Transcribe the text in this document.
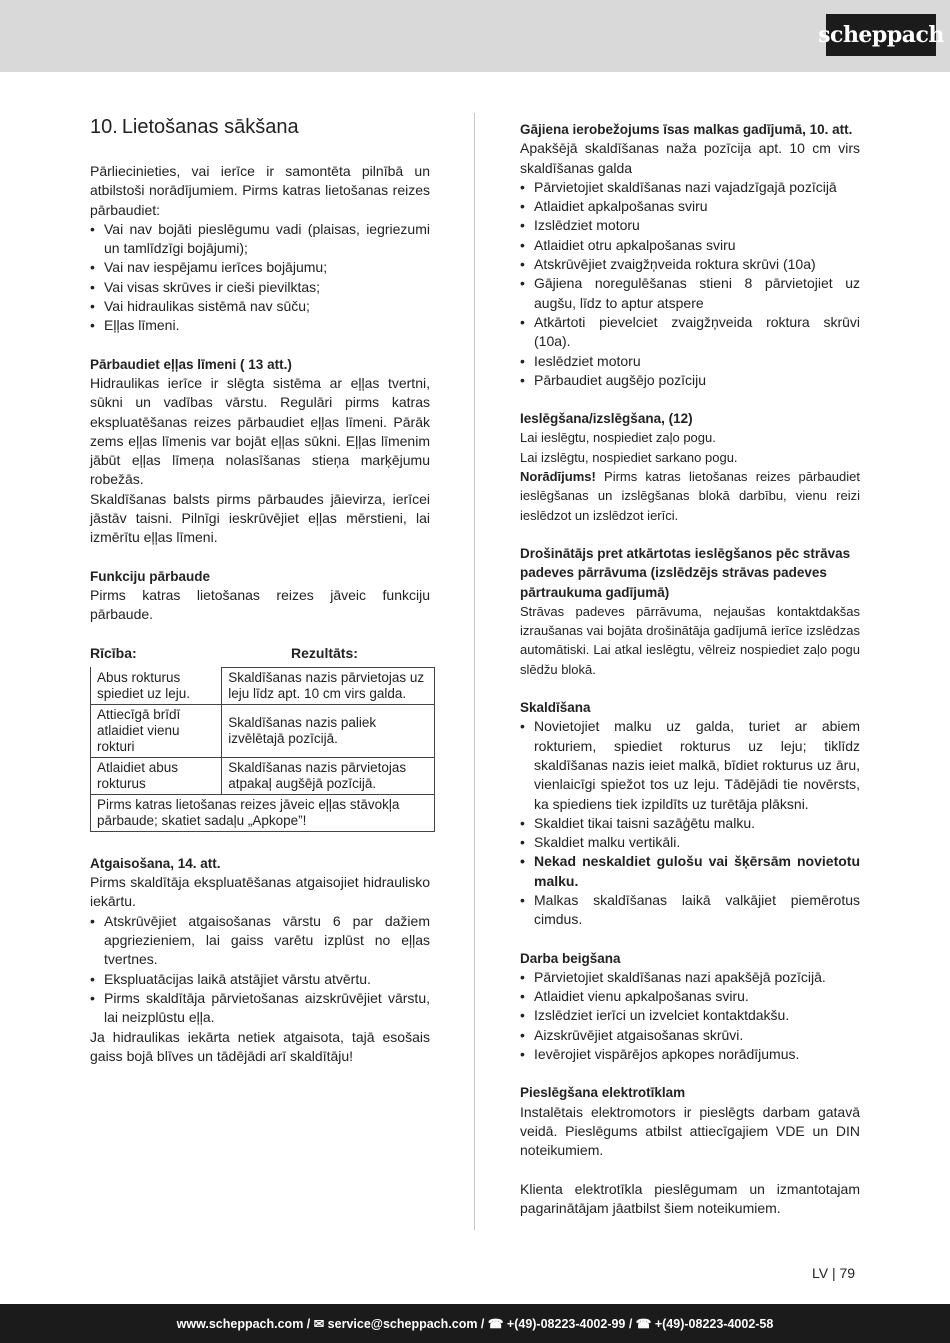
scheppach
10. Lietošanas sākšana

Pārliecinieties, vai ierīce ir samontēta pilnībā un atbilstoši norādījumiem. Pirms katras lietošanas reizes pārbaudiet:

• Vai nav bojāti pieslēgumu vadi (plaisas, iegriezumi un tamlīdzīgi bojājumi);
• Vai nav iespējamu ierīces bojājumu;
• Vai visas skrūves ir cieši pievilktas;
• Vai hidraulikas sistēmā nav sūču;
• Eļļas līmeni.
Pārbaudiet eļļas līmeni ( 13 att.)

Hidraulikas ierīce ir slēgta sistēma ar eļļas tvertni, sūkni un vadības vārstu. Regulāri pirms katras ekspluatēšanas reizes pārbaudiet eļļas līmeni. Pārāk zems eļļas līmenis var bojāt eļļas sūkni. Eļļas līmenim jābūt eļļas līmeņa nolasīšanas stieņa marķējumu robežās.

Skaldīšanas balsts pirms pārbaudes jāievirza, ierīcei jāstāv taisni. Pilnīgi ieskrūvējiet eļļas mērstieni, lai izmērītu eļļas līmeni.

Funkciju pārbaude

Pirms katras lietošanas reizes jāveic funkciju pārbaude.

Rīcība:	Rezultāts:
Abus rokturus spiediet uz leju.	Skaldīšanas nazis pārvietojas uz leju līdz apt. 10 cm virs galda.
Attiecīgā brīdī atlaidiet vienu rokturi	Skaldīšanas nazis paliek izvēlētajā pozīcijā.
Atlaidiet abus rokturus	Skaldīšanas nazis pārvietojas atpakaļ augšējā pozīcijā.
Pirms katras lietošanas reizes jāveic eļļas stāvokļa pārbaude; skatiet sadaļu „Apkope”!	
Atgaisošana, 14. att.

Pirms skaldītāja ekspluatēšanas atgaisojiet hidraulisko iekārtu.

• Atskrūvējiet atgaisošanas vārstu 6 par dažiem apgriezieniem, lai gaiss varētu izplūst no eļļas tvertnes.
• Ekspluatācijas laikā atstājiet vārstu atvērtu.
• Pirms skaldītāja pārvietošanas aizskrūvējiet vārstu, lai neizplūstu eļļa.

Ja hidraulikas iekārta netiek atgaisota, tajā esošais gaiss bojā blīves un tādējādi arī skaldītāju!

Gājiena ierobežojums īsas malkas gadījumā, 10. att.

Apakšējā skaldīšanas naža pozīcija apt. 10 cm virs skaldīšanas galda

• Pārvietojiet skaldīšanas nazi vajadzīgajā pozīcijā
• Atlaidiet apkalpošanas sviru
• Izslēdziet motoru
• Atlaidiet otru apkalpošanas sviru
• Atskrūvējiet zvaigžņveida roktura skrūvi (10a)
• Gājiena noregulēšanas stieni 8 pārvietojiet uz augšu, līdz to aptur atspere
• Atkārtoti pievelciet zvaigžņveida roktura skrūvi (10a).
• Ieslēdziet motoru
• Pārbaudiet augšējo pozīciju
Ieslēgšana/izslēgšana, (12)

Lai ieslēgtu, nospiediet zaļo pogu.

Lai izslēgtu, nospiediet sarkano pogu.

Norādījums! Pirms katras lietošanas reizes pārbaudiet ieslēgšanas un izslēgšanas blokā darbību, vienu reizi ieslēdzot un izslēdzot ierīci.

Drošinātājs pret atkārtotas ieslēgšanos pēc strāvas padeves pārrāvuma (izslēdzējs strāvas padeves pārtraukuma gadījumā)

Strāvas padeves pārrāvuma, nejaušas kontaktdakšas izraušanas vai bojāta drošinātāja gadījumā ierīce izslēdzas automātiski. Lai atkal ieslēgtu, vēlreiz nospiediet zaļo pogu slēdžu blokā.

Skaldīšana
• Novietojiet malku uz galda, turiet ar abiem rokturiem, spiediet rokturus uz leju; tiklīdz skaldīšanas nazis ieiet malkā, bīdiet rokturus uz āru, vienlaicīgi spiežot tos uz leju. Tādējādi tie novērsts, ka spiediens tiek izpildīts uz turētāja plāksni.
• Skaldiet tikai taisni sazāģētu malku.
• Skaldiet malku vertikāli.
• Nekad neskaldiet gulošu vai šķērsām novietotu malku.
• Malkas skaldīšanas laikā valkājiet piemērotus cimdus.
Darba beigšana
• Pārvietojiet skaldīšanas nazi apakšējā pozīcijā.
• Atlaidiet vienu apkalpošanas sviru.
• Izslēdziet ierīci un izvelciet kontaktdakšu.
• Aizskrūvējiet atgaisošanas skrūvi.
• Ievērojiet vispārējos apkopes norādījumus.
Pieslēgšana elektrotīklam

Instalētais elektromotors ir pieslēgts darbam gatavā veidā. Pieslēgums atbilst attiecīgajiem VDE un DIN noteikumiem.

Klienta elektrotīkla pieslēgumam un izmantotajam pagarinātājam jāatbilst šiem noteikumiem.

LV | 79
www.scheppach.com / ✉ service@scheppach.com / ☎ +(49)-08223-4002-99 / ☎ +(49)-08223-4002-58
